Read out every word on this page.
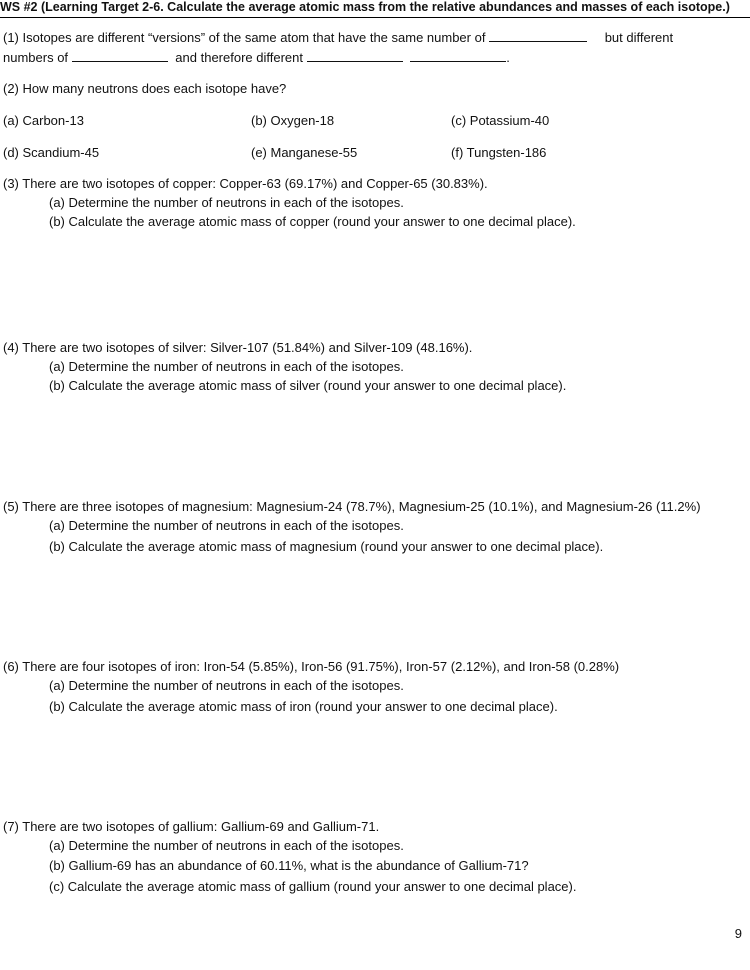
WS #2 (Learning Target 2-6. Calculate the average atomic mass from the relative abundances and masses of each isotope.)
(1) Isotopes are different “versions” of the same atom that have the same number of	but different
numbers of	and therefore different	.
(2) How many neutrons does each isotope have?
(a) Carbon-13	(b) Oxygen-18	(c) Potassium-40
(d) Scandium-45	(e) Manganese-55	(f) Tungsten-186
(3) There are two isotopes of copper: Copper-63 (69.17%) and Copper-65 (30.83%).
(a) Determine the number of neutrons in each of the isotopes.
(b) Calculate the average atomic mass of copper (round your answer to one decimal place).
(4) There are two isotopes of silver: Silver-107 (51.84%) and Silver-109 (48.16%).
(a) Determine the number of neutrons in each of the isotopes.
(b) Calculate the average atomic mass of silver (round your answer to one decimal place).
(5) There are three isotopes of magnesium: Magnesium-24 (78.7%), Magnesium-25 (10.1%), and Magnesium-26 (11.2%)
(a) Determine the number of neutrons in each of the isotopes.
(b) Calculate the average atomic mass of magnesium (round your answer to one decimal place).
(6) There are four isotopes of iron: Iron-54 (5.85%), Iron-56 (91.75%), Iron-57 (2.12%), and Iron-58 (0.28%)
(a) Determine the number of neutrons in each of the isotopes.
(b) Calculate the average atomic mass of iron (round your answer to one decimal place).
(7) There are two isotopes of gallium: Gallium-69 and Gallium-71.
(a) Determine the number of neutrons in each of the isotopes.
(b) Gallium-69 has an abundance of 60.11%, what is the abundance of Gallium-71?
(c) Calculate the average atomic mass of gallium (round your answer to one decimal place).
9
